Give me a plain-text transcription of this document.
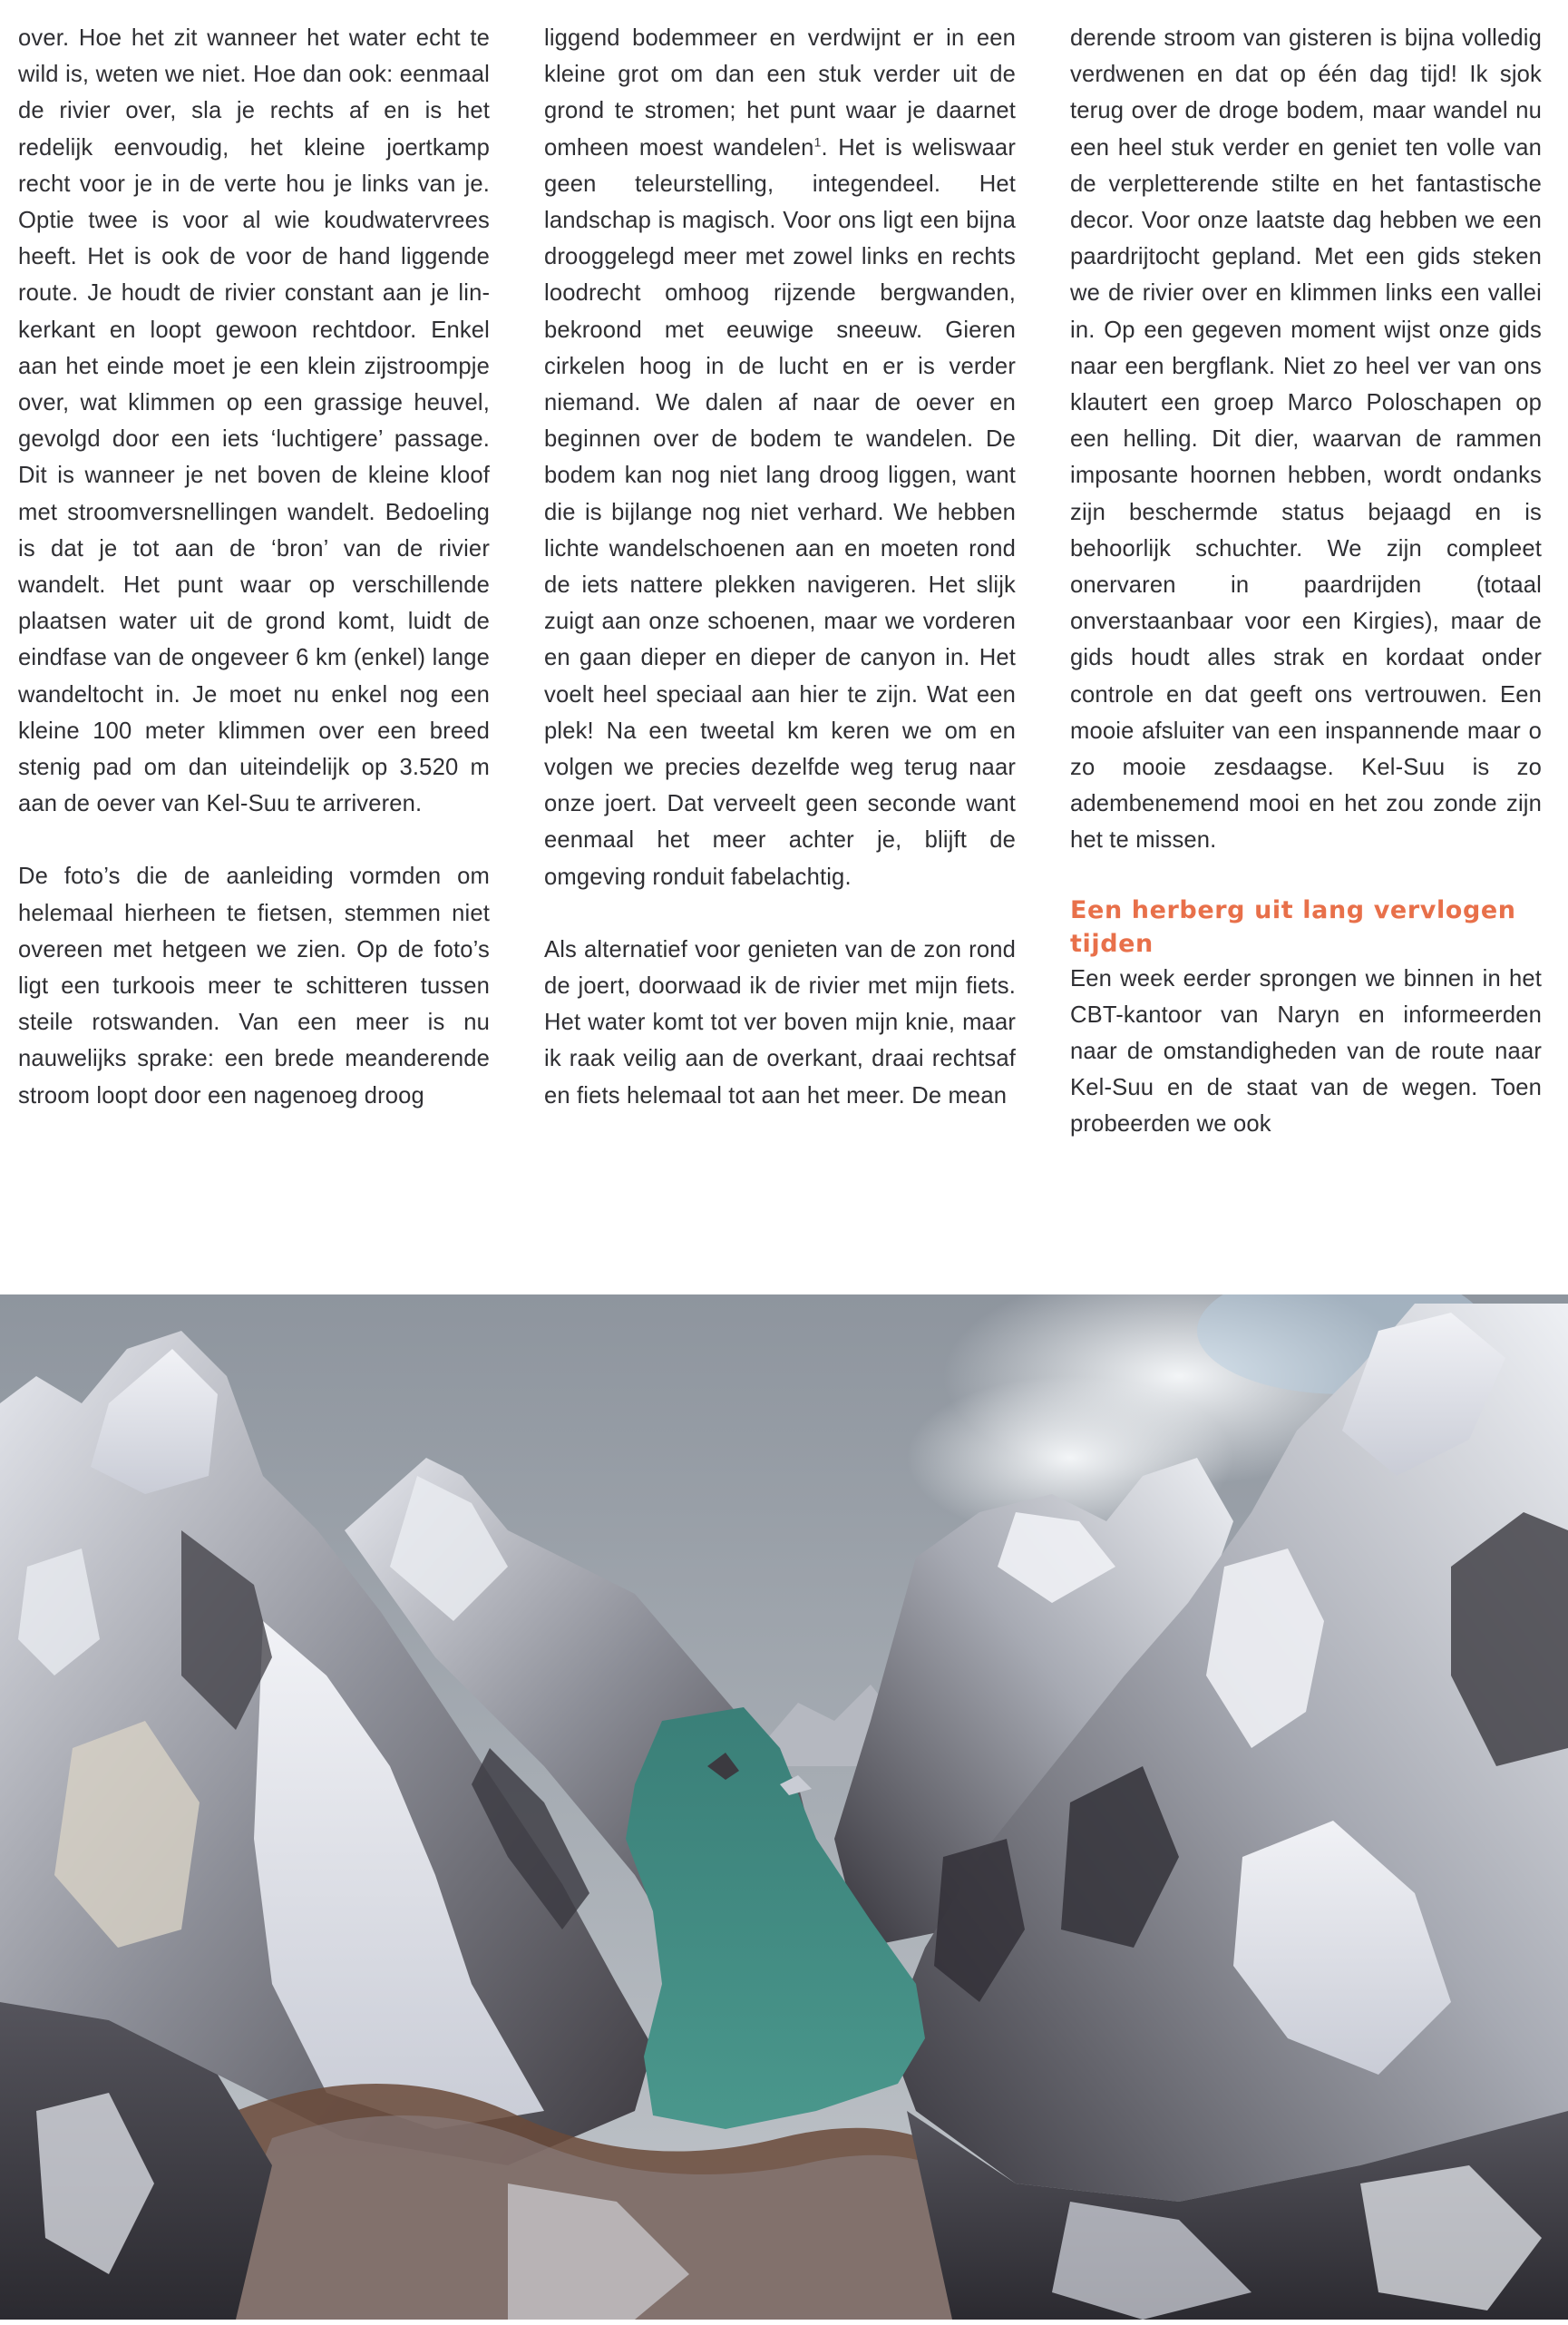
over. Hoe het zit wanneer het water echt te wild is, weten we niet. Hoe dan ook: eenmaal de rivier over, sla je rechts af en is het redelijk eenvoudig, het kleine joertkamp recht voor je in de verte hou je links van je. Optie twee is voor al wie koudwatervrees heeft. Het is ook de voor de hand liggende route. Je houdt de rivier constant aan je linkerkant en loopt gewoon rechtdoor. Enkel aan het einde moet je een klein zijstroompje over, wat klimmen op een grassige heuvel, gevolgd door een iets ‘luchtigere’ passage. Dit is wanneer je net boven de kleine kloof met stroomversnellingen wandelt. Bedoeling is dat je tot aan de ‘bron’ van de rivier wandelt. Het punt waar op verschillende plaatsen water uit de grond komt, luidt de eindfase van de ongeveer 6 km (enkel) lange wandeltocht in. Je moet nu enkel nog een kleine 100 meter klimmen over een breed stenig pad om dan uiteindelijk op 3.520 m aan de oever van Kel-Suu te arriveren.

De foto’s die de aanleiding vormden om helemaal hierheen te fietsen, stemmen niet overeen met hetgeen we zien. Op de foto’s ligt een turkoois meer te schitteren tussen steile rotswanden. Van een meer is nu nauwelijks sprake: een brede meanderende stroom loopt door een nagenoeg droog

liggend bodemmeer en verdwijnt er in een kleine grot om dan een stuk verder uit de grond te stromen; het punt waar je daarnet omheen moest wandelen$^1$. Het is weliswaar geen teleurstelling, integendeel. Het landschap is magisch. Voor ons ligt een bijna drooggelegd meer met zowel links en rechts loodrecht omhoog rijzende bergwanden, bekroond met eeuwige sneeuw. Gieren cirkelen hoog in de lucht en er is verder niemand. We dalen af naar de oever en beginnen over de bodem te wandelen. De bodem kan nog niet lang droog liggen, want die is bijlange nog niet verhard. We hebben lichte wandelschoenen aan en moeten rond de iets nattere plekken navigeren. Het slijk zuigt aan onze schoenen, maar we vorderen en gaan dieper en dieper de canyon in. Het voelt heel speciaal aan hier te zijn. Wat een plek! Na een tweetal km keren we om en volgen we precies dezelfde weg terug naar onze joert. Dat verveelt geen seconde want eenmaal het meer achter je, blijft de omgeving ronduit fabelachtig.

Als alternatief voor genieten van de zon rond de joert, doorwaad ik de rivier met mijn fiets. Het water komt tot ver boven mijn knie, maar ik raak veilig aan de overkant, draai rechtsaf en fiets helemaal tot aan het meer. De mean

derende stroom van gisteren is bijna volledig verdwenen en dat op één dag tijd! Ik sjok terug over de droge bodem, maar wandel nu een heel stuk verder en geniet ten volle van de verpletterende stilte en het fantastische decor. Voor onze laatste dag hebben we een paardrijtocht gepland. Met een gids steken we de rivier over en klimmen links een vallei in. Op een gegeven moment wijst onze gids naar een bergflank. Niet zo heel ver van ons klautert een groep Marco Poloschapen op een helling. Dit dier, waarvan de rammen imposante hoornen hebben, wordt ondanks zijn beschermde status bejaagd en is behoorlijk schuchter. We zijn compleet onervaren in paardrijden (totaal onverstaanbaar voor een Kirgies), maar de gids houdt alles strak en kordaat onder controle en dat geeft ons vertrouwen. Een mooie afsluiter van een inspannende maar o zo mooie zesdaagse. Kel-Suu is zo adembenemend mooi en het zou zonde zijn het te missen.

Een herberg uit lang vervlogen tijden

Een week eerder sprongen we binnen in het CBT-kantoor van Naryn en informeerden naar de omstandigheden van de route naar Kel-Suu en de staat van de wegen. Toen probeerden we ook
